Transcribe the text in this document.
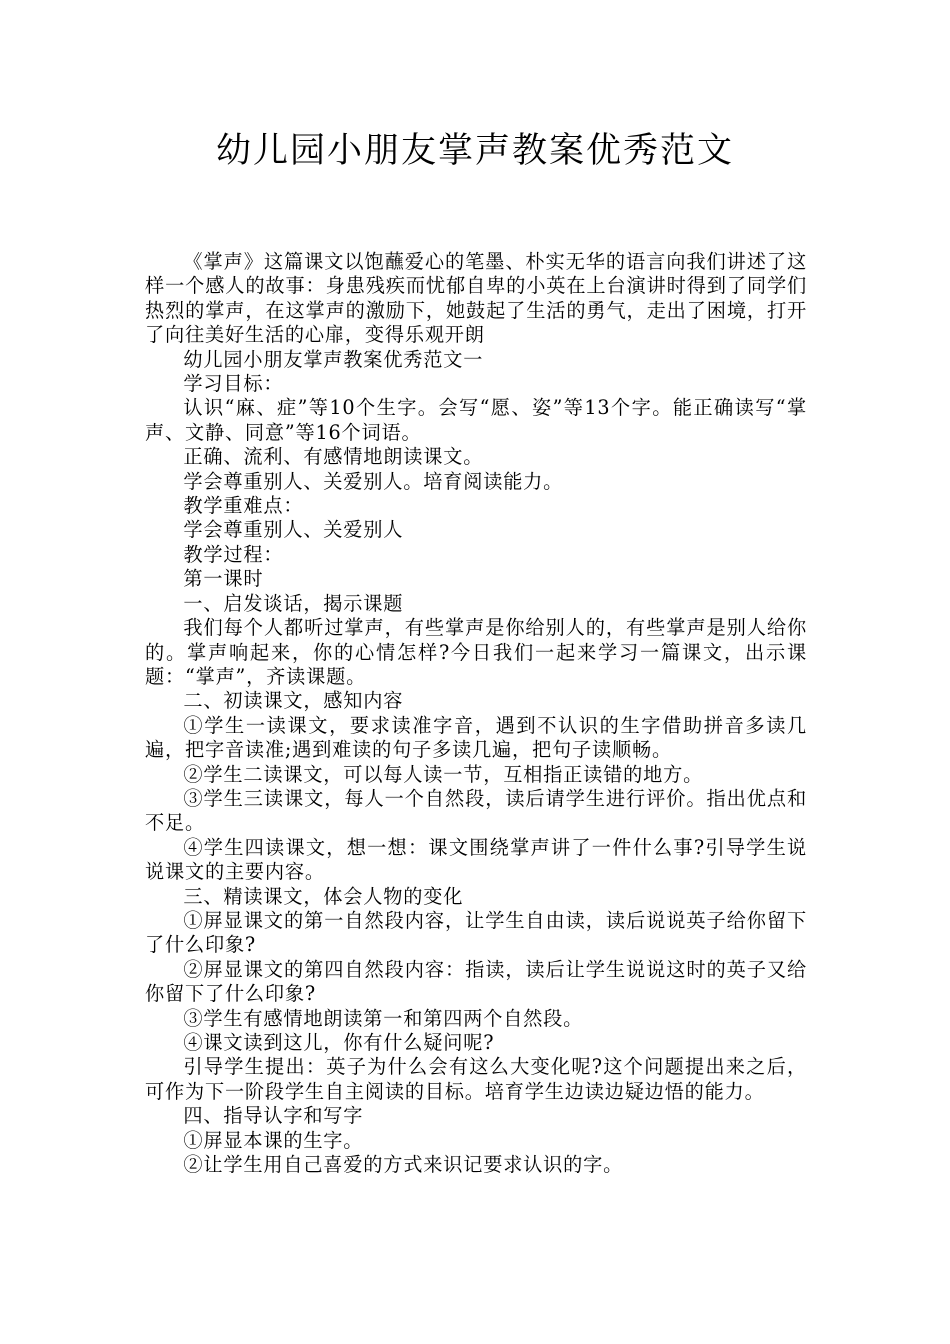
幼儿园小朋友掌声教案优秀范文

《掌声》这篇课文以饱蘸爱心的笔墨、朴实无华的语言向我们讲述了这样一个感人的故事：身患残疾而忧郁自卑的小英在上台演讲时得到了同学们热烈的掌声，在这掌声的激励下，她鼓起了生活的勇气，走出了困境，打开了向往美好生活的心扉，变得乐观开朗

幼儿园小朋友掌声教案优秀范文一

学习目标：

认识“麻、症”等10个生字。会写“愿、姿”等13个字。能正确读写“掌声、文静、同意”等16个词语。

正确、流利、有感情地朗读课文。

学会尊重别人、关爱别人。培育阅读能力。

教学重难点：

学会尊重别人、关爱别人

教学过程：

第一课时

一、启发谈话，揭示课题

我们每个人都听过掌声，有些掌声是你给别人的，有些掌声是别人给你的。掌声响起来，你的心情怎样?今日我们一起来学习一篇课文，出示课题：“掌声”，齐读课题。

二、初读课文，感知内容

①学生一读课文，要求读准字音，遇到不认识的生字借助拼音多读几遍，把字音读准;遇到难读的句子多读几遍，把句子读顺畅。

②学生二读课文，可以每人读一节，互相指正读错的地方。

③学生三读课文，每人一个自然段，读后请学生进行评价。指出优点和不足。

④学生四读课文，想一想：课文围绕掌声讲了一件什么事?引导学生说说课文的主要内容。

三、精读课文，体会人物的变化

①屏显课文的第一自然段内容，让学生自由读，读后说说英子给你留下了什么印象?

②屏显课文的第四自然段内容：指读，读后让学生说说这时的英子又给你留下了什么印象?

③学生有感情地朗读第一和第四两个自然段。

④课文读到这儿，你有什么疑问呢?

引导学生提出：英子为什么会有这么大变化呢?这个问题提出来之后，可作为下一阶段学生自主阅读的目标。培育学生边读边疑边悟的能力。

四、指导认字和写字

①屏显本课的生字。

②让学生用自己喜爱的方式来识记要求认识的字。
